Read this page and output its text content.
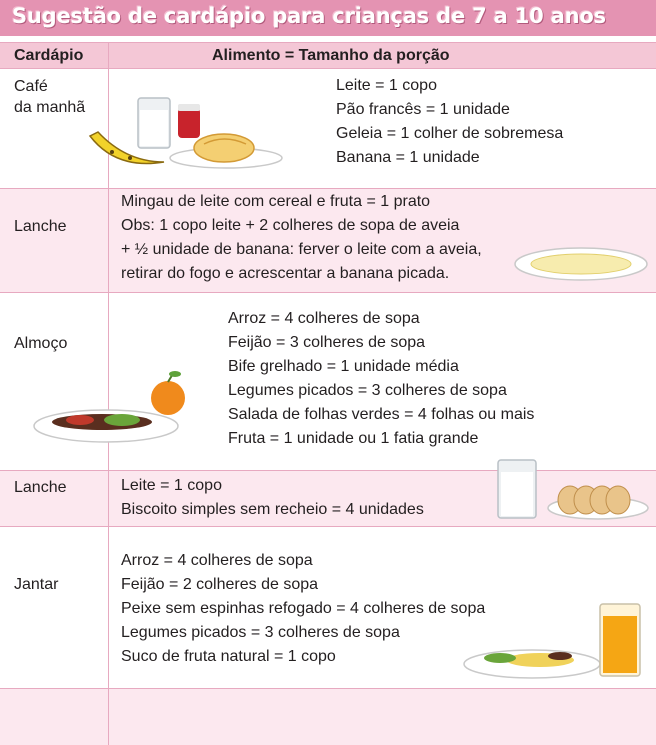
Sugestão de cardápio para crianças de 7 a 10 anos
Cardápio	Alimento = Tamanho da porção
Café
da manhã
Leite = 1 copo
Pão francês = 1 unidade
Geleia = 1 colher de sobremesa
Banana = 1 unidade
Lanche
Mingau de leite com cereal e fruta = 1 prato
Obs: 1 copo leite + 2 colheres de sopa de aveia
+ ½ unidade de banana: ferver o leite com a aveia,
retirar do fogo e acrescentar a banana picada.
Almoço
Arroz = 4 colheres de sopa
Feijão = 3 colheres de sopa
Bife grelhado = 1 unidade média
Legumes picados = 3 colheres de sopa
Salada de folhas verdes = 4 folhas ou mais
Fruta = 1 unidade ou 1 fatia grande
Lanche	Leite = 1 copo
Biscoito simples sem recheio = 4 unidades
Jantar
Arroz = 4 colheres de sopa
Feijão = 2 colheres de sopa
Peixe sem espinhas refogado = 4 colheres de sopa
Legumes picados = 3 colheres de sopa
Suco de fruta natural = 1 copo
